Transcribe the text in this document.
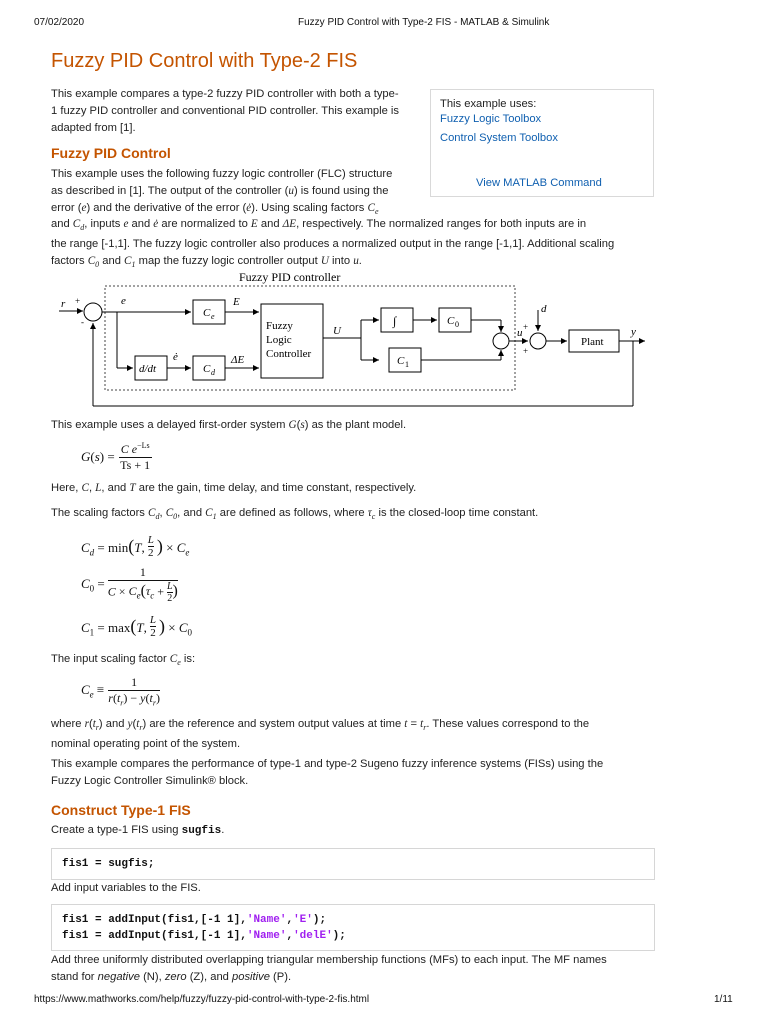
07/02/2020	Fuzzy PID Control with Type-2 FIS - MATLAB & Simulink
Fuzzy PID Control with Type-2 FIS
This example compares a type-2 fuzzy PID controller with both a type-
1 fuzzy PID controller and conventional PID controller. This example is
adapted from [1].
This example uses:
Fuzzy Logic Toolbox
Control System Toolbox
View MATLAB Command
Fuzzy PID Control
This example uses the following fuzzy logic controller (FLC) structure
as described in [1]. The output of the controller (u) is found using the
error (e) and the derivative of the error (ė). Using scaling factors $C_e$
and $C_d$, inputs e and ė are normalized to E and ΔE, respectively. The normalized ranges for both inputs are in
the range [-1,1]. The fuzzy logic controller also produces a normalized output in the range [-1,1]. Additional scaling
factors $C_0$ and $C_1$ map the fuzzy logic controller output U into u.
Fuzzy PID controller
r +
-
e
C e
E
Fuzzy
Logic
Controller
d/dt
ė
C d
ΔE
U
∫	C 0
C 1
u +
+
d
Plant
y
This example uses a delayed first-order system G(s) as the plant model.
G(s) =	C $e^{-Ls}$
Ts + 1
Here, C, L, and T are the gain, time delay, and time constant, respectively.
The scaling factors $C_d$, $C_0$, and $C_1$ are defined as follows, where $\tau_c$ is the closed-loop time constant.
$C_d = \min(T$,	L
2	) × $C_e$
$C_0$ =	
1
$C \times C_e(\tau_c + \frac{L}{2}$ )
$C_1 = \max(T$,	L
2	) × $C_0$
The input scaling factor $C_e$ is:
$C_e$ ≡	
1
$r(t_r) - y(t_r)$
where $r(t_r)$ and $y(t_r)$ are the reference and system output values at time $t = t_r$. These values correspond to the
nominal operating point of the system.
This example compares the performance of type-1 and type-2 Sugeno fuzzy inference systems (FISs) using the
Fuzzy Logic Controller Simulink® block.
Construct Type-1 FIS
Create a type-1 FIS using sugfis.
fis1 = sugfis;
Add input variables to the FIS.
fis1 = addInput(fis1,[-1 1],'Name','E');
fis1 = addInput(fis1,[-1 1],'Name','delE');
Add three uniformly distributed overlapping triangular membership functions (MFs) to each input. The MF names
stand for negative (N), zero (Z), and positive (P).
https://www.mathworks.com/help/fuzzy/fuzzy-pid-control-with-type-2-fis.html	1/11
